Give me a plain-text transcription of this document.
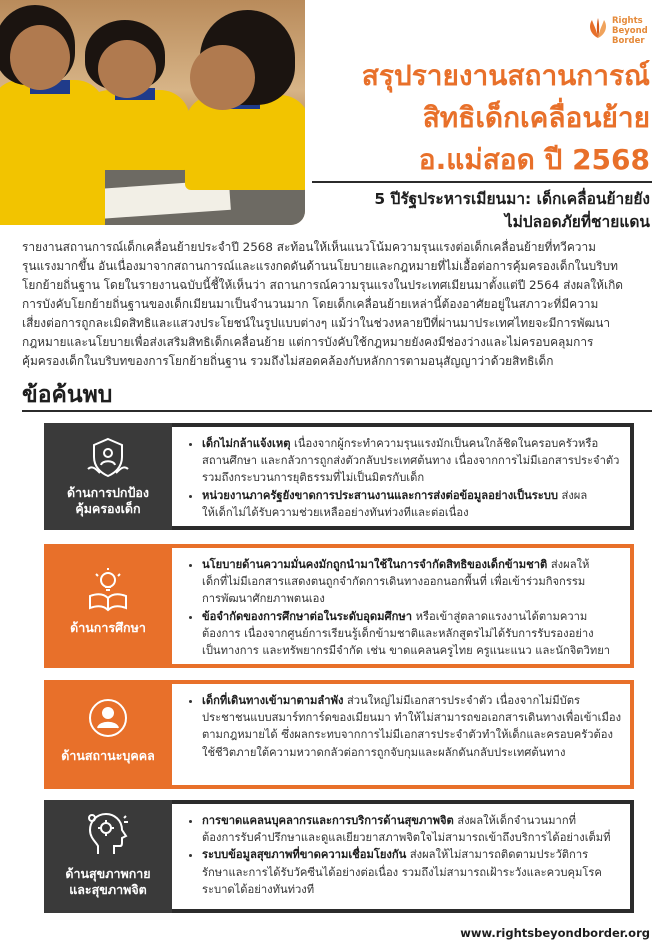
Rights
Beyond
Border
สรุปรายงานสถานการณ์
สิทธิเด็กเคลื่อนย้าย
อ.แม่สอด ปี 2568
5 ปีรัฐประหารเมียนมา: เด็กเคลื่อนย้ายยัง
ไม่ปลอดภัยที่ชายแดน
รายงานสถานการณ์เด็กเคลื่อนย้ายประจำปี 2568 สะท้อนให้เห็นแนวโน้มความรุนแรงต่อเด็กเคลื่อนย้ายที่ทวีความ
รุนแรงมากขึ้น อันเนื่องมาจากสถานการณ์และแรงกดดันด้านนโยบายและกฎหมายที่ไม่เอื้อต่อการคุ้มครองเด็กในบริบท
โยกย้ายถิ่นฐาน โดยในรายงานฉบับนี้ชี้ให้เห็นว่า สถานการณ์ความรุนแรงในประเทศเมียนมาตั้งแต่ปี 2564 ส่งผลให้เกิด
การบังคับโยกย้ายถิ่นฐานของเด็กเมียนมาเป็นจำนวนมาก โดยเด็กเคลื่อนย้ายเหล่านี้ต้องอาศัยอยู่ในสภาวะที่มีความ
เสี่ยงต่อการถูกละเมิดสิทธิและแสวงประโยชน์ในรูปแบบต่างๆ แม้ว่าในช่วงหลายปีที่ผ่านมาประเทศไทยจะมีการพัฒนา
กฎหมายและนโยบายเพื่อส่งเสริมสิทธิเด็กเคลื่อนย้าย แต่การบังคับใช้กฎหมายยังคงมีช่องว่างและไม่ครอบคลุมการ
คุ้มครองเด็กในบริบทของการโยกย้ายถิ่นฐาน รวมถึงไม่สอดคล้องกับหลักการตามอนุสัญญาว่าด้วยสิทธิเด็ก
ข้อค้นพบ
ด้านการปกป้อง
คุ้มครองเด็ก
• เด็กไม่กล้าแจ้งเหตุ เนื่องจากผู้กระทำความรุนแรงมักเป็นคนใกล้ชิดในครอบครัวหรือ
สถานศึกษา และกลัวการถูกส่งตัวกลับประเทศต้นทาง เนื่องจากการไม่มีเอกสารประจำตัว
รวมถึงกระบวนการยุติธรรมที่ไม่เป็นมิตรกับเด็ก
• หน่วยงานภาครัฐยังขาดการประสานงานและการส่งต่อข้อมูลอย่างเป็นระบบ ส่งผล
ให้เด็กไม่ได้รับความช่วยเหลืออย่างทันท่วงทีและต่อเนื่อง
ด้านการศึกษา
• นโยบายด้านความมั่นคงมักถูกนำมาใช้ในการจำกัดสิทธิของเด็กข้ามชาติ ส่งผลให้
เด็กที่ไม่มีเอกสารแสดงตนถูกจำกัดการเดินทางออกนอกพื้นที่ เพื่อเข้าร่วมกิจกรรม
การพัฒนาศักยภาพตนเอง
• ข้อจำกัดของการศึกษาต่อในระดับอุดมศึกษา หรือเข้าสู่ตลาดแรงงานได้ตามความ
ต้องการ เนื่องจากศูนย์การเรียนรู้เด็กข้ามชาติและหลักสูตรไม่ได้รับการรับรองอย่าง
เป็นทางการ และทรัพยากรมีจำกัด เช่น ขาดแคลนครูไทย ครูแนะแนว และนักจิตวิทยา
ด้านสถานะบุคคล
• เด็กที่เดินทางเข้ามาตามลำพัง ส่วนใหญ่ไม่มีเอกสารประจำตัว เนื่องจากไม่มีบัตร
ประชาชนแบบสมาร์ทการ์ดของเมียนมา ทำให้ไม่สามารถขอเอกสารเดินทางเพื่อเข้าเมือง
ตามกฎหมายได้ ซึ่งผลกระทบจากการไม่มีเอกสารประจำตัวทำให้เด็กและครอบครัวต้อง
ใช้ชีวิตภายใต้ความหวาดกลัวต่อการถูกจับกุมและผลักดันกลับประเทศต้นทาง
ด้านสุขภาพกาย
และสุขภาพจิต
• การขาดแคลนบุคลากรและการบริการด้านสุขภาพจิต ส่งผลให้เด็กจำนวนมากที่
ต้องการรับคำปรึกษาและดูแลเยียวยาสภาพจิตใจไม่สามารถเข้าถึงบริการได้อย่างเต็มที่
• ระบบข้อมูลสุขภาพที่ขาดความเชื่อมโยงกัน ส่งผลให้ไม่สามารถติดตามประวัติการ
รักษาและการได้รับวัคซีนได้อย่างต่อเนื่อง รวมถึงไม่สามารถเฝ้าระวังและควบคุมโรค
ระบาดได้อย่างทันท่วงที
www.rightsbeyondborder.org
